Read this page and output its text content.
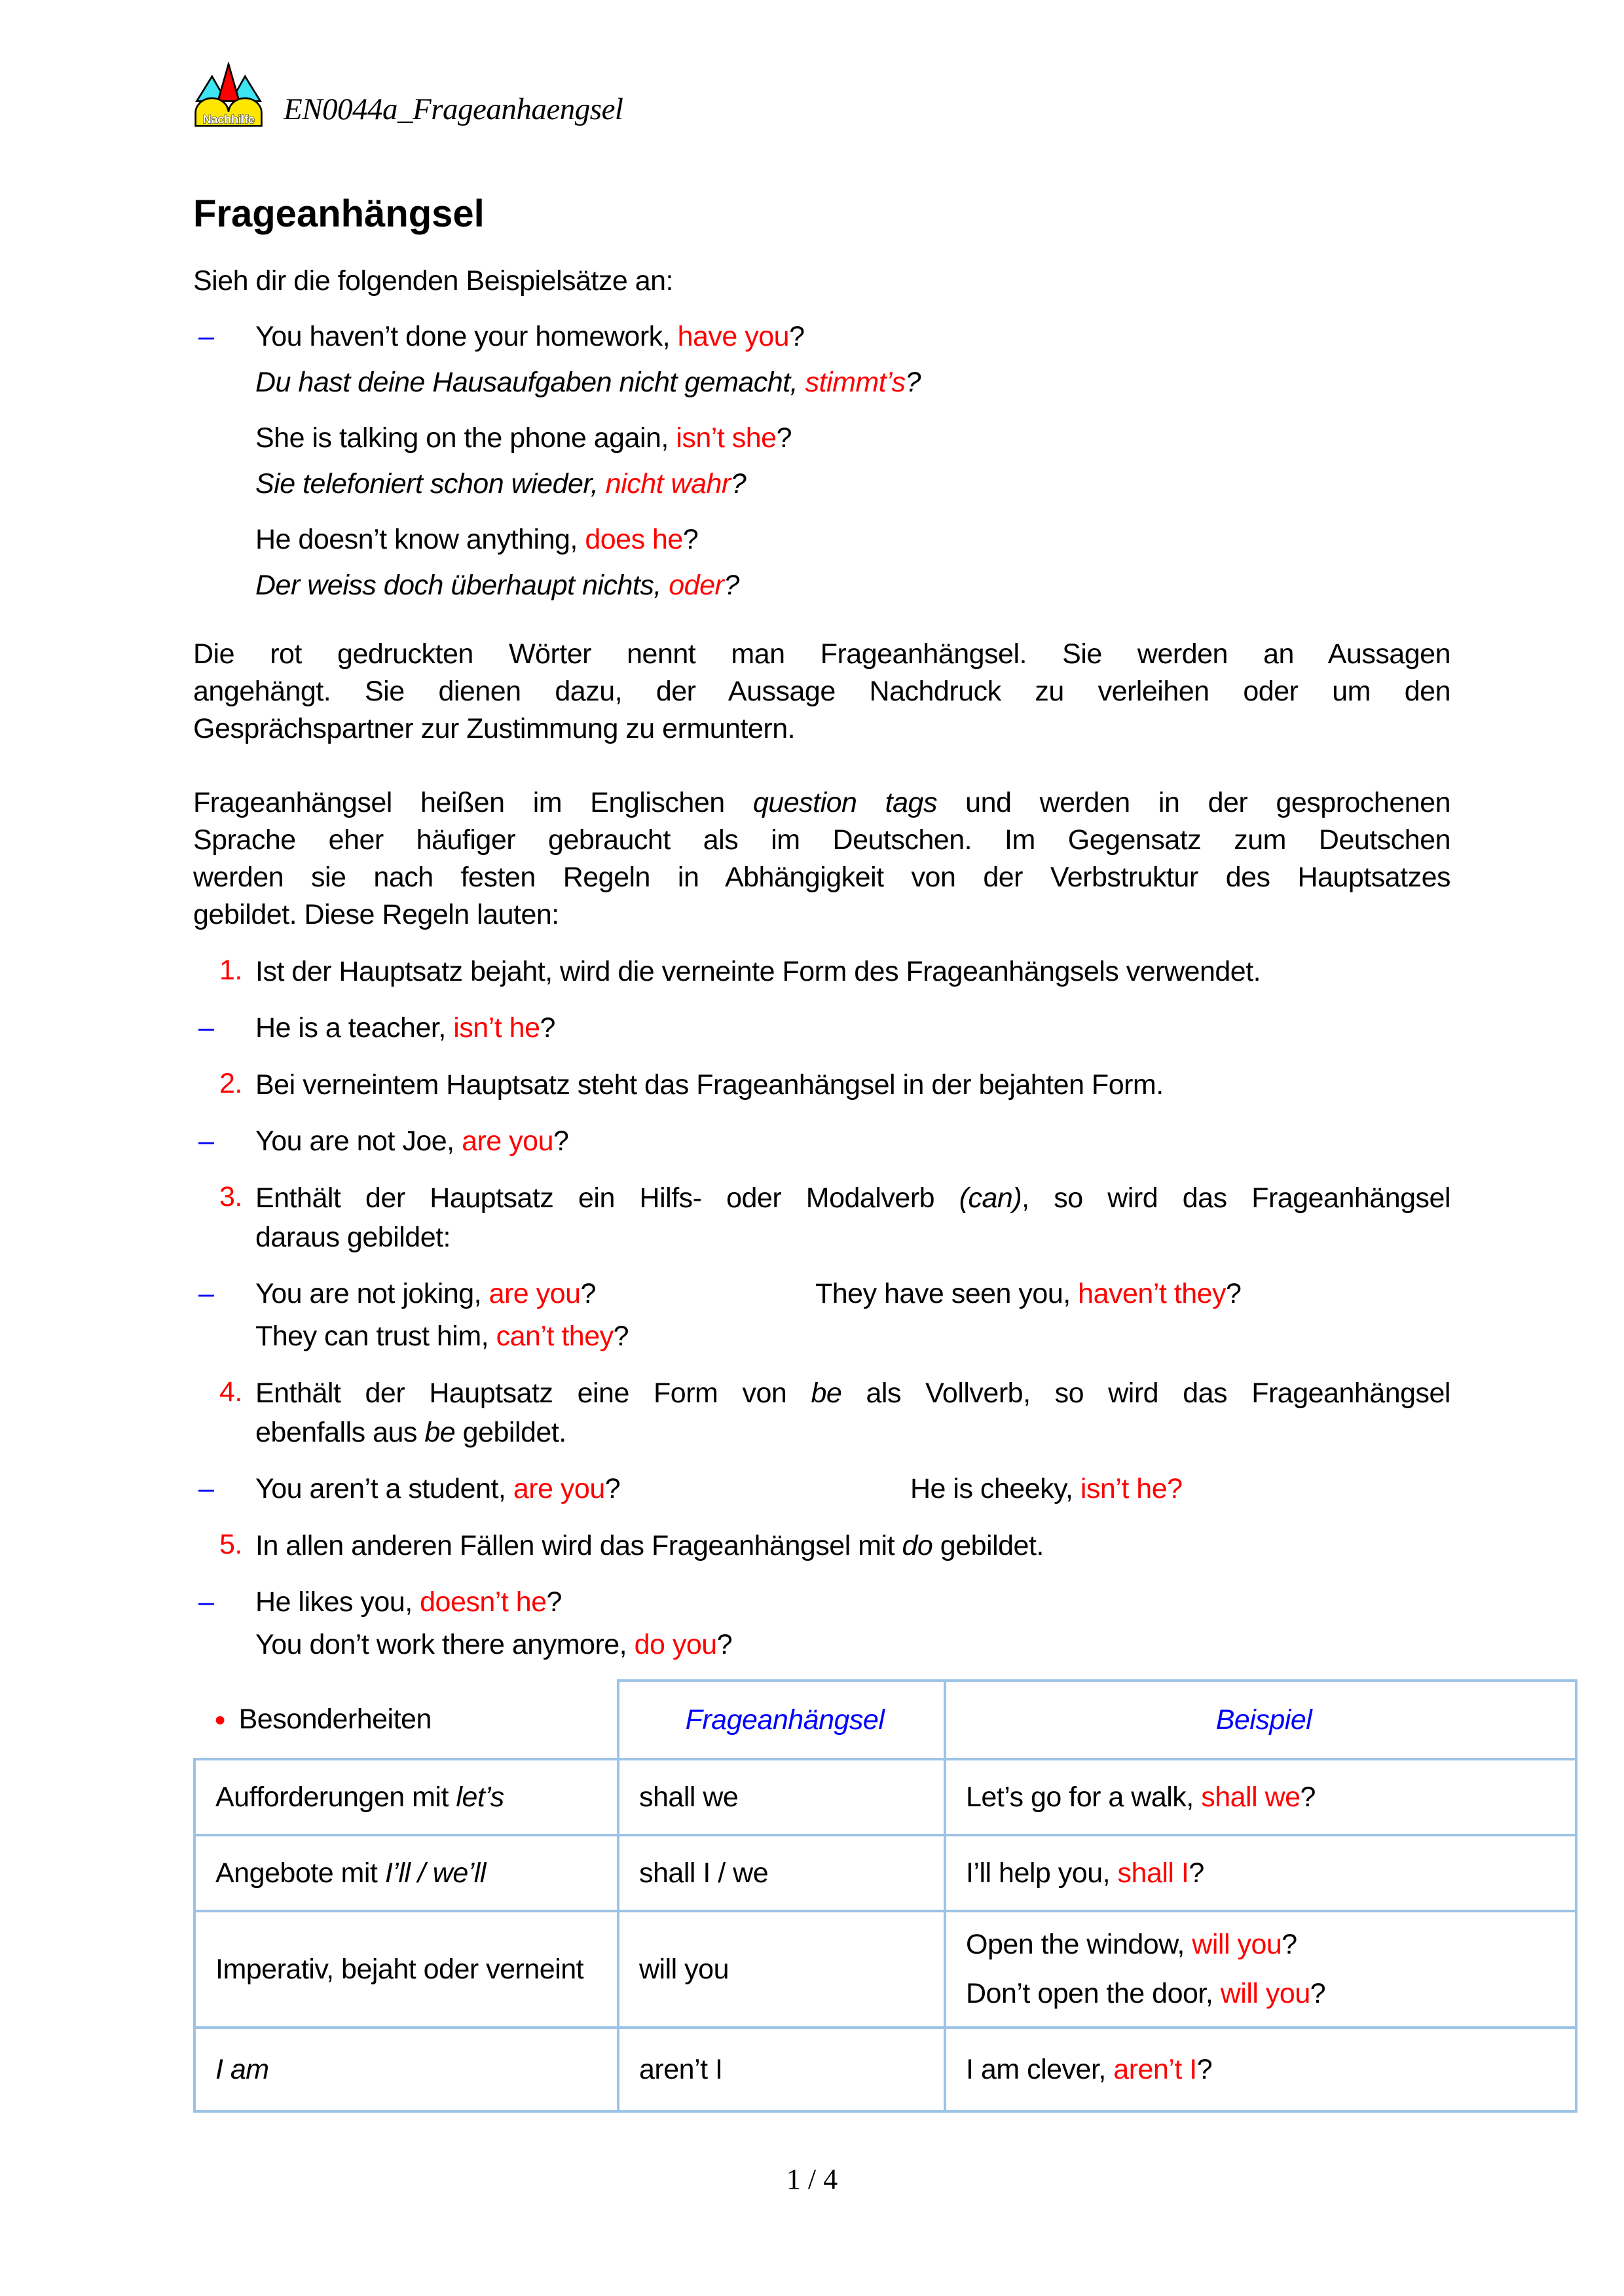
Nachhilfe EN0044a_Frageanhaengsel
Frageanhängsel
Sieh dir die folgenden Beispielsätze an:
– You haven’t done your homework, have you?
Du hast deine Hausaufgaben nicht gemacht, stimmt’s?
She is talking on the phone again, isn’t she?
Sie telefoniert schon wieder, nicht wahr?
He doesn’t know anything, does he?
Der weiss doch überhaupt nichts, oder?
Die rot gedruckten Wörter nennt man Frageanhängsel. Sie werden an Aussagen
angehängt. Sie dienen dazu, der Aussage Nachdruck zu verleihen oder um den
Gesprächspartner zur Zustimmung zu ermuntern.
Frageanhängsel heißen im Englischen question tags und werden in der gesprochenen
Sprache eher häufiger gebraucht als im Deutschen. Im Gegensatz zum Deutschen
werden sie nach festen Regeln in Abhängigkeit von der Verbstruktur des Hauptsatzes
gebildet. Diese Regeln lauten:
1. Ist der Hauptsatz bejaht, wird die verneinte Form des Frageanhängsels verwendet.
– He is a teacher, isn’t he?
2. Bei verneintem Hauptsatz steht das Frageanhängsel in der bejahten Form.
– You are not Joe, are you?
3. Enthält der Hauptsatz ein Hilfs- oder Modalverb (can), so wird das Frageanhängsel
daraus gebildet:
– You are not joking, are you?	They have seen you, haven’t they?
They can trust him, can’t they?
4. Enthält der Hauptsatz eine Form von be als Vollverb, so wird das Frageanhängsel
ebenfalls aus be gebildet.
– You aren’t a student, are you?	He is cheeky, isn’t he?
5. In allen anderen Fällen wird das Frageanhängsel mit do gebildet.
– He likes you, doesn’t he?
You don’t work there anymore, do you?
● Besonderheiten	Frageanhängsel	Beispiel
Aufforderungen mit let’s	shall we	Let’s go for a walk, shall we?
Angebote mit I’ll / we’ll	shall I / we	I’ll help you, shall I?
Imperativ, bejaht oder verneint	will you	Open the window, will you?
Don’t open the door, will you?

I am	aren’t I	I am clever, aren’t I?
1 / 4
